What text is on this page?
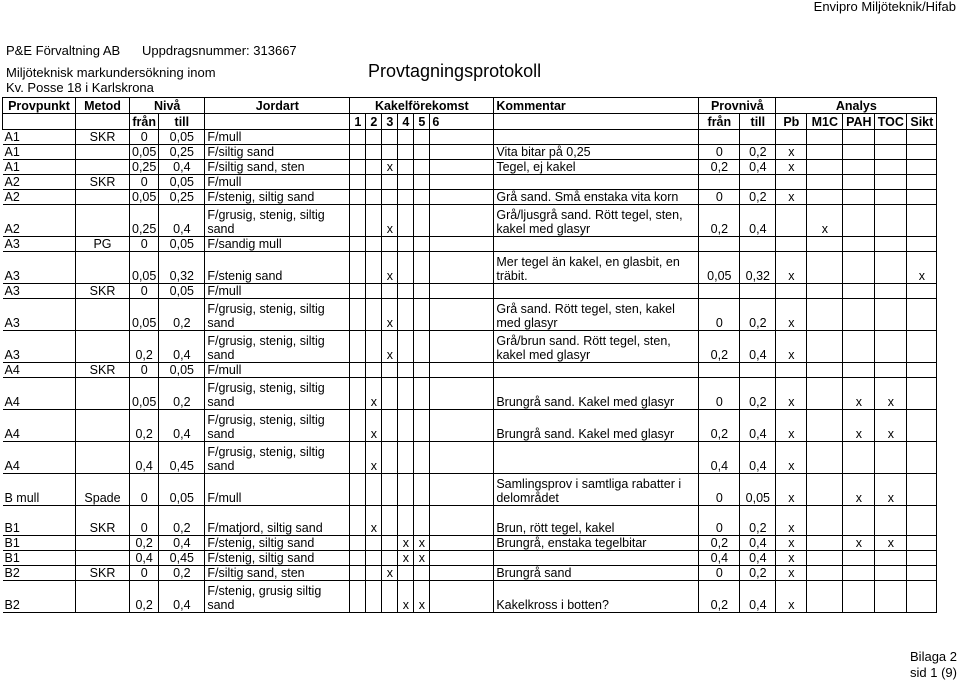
Envipro Miljöteknik/Hifab
P&E Förvaltning AB Uppdragsnummer: 313667
Miljöteknisk markundersökning inom
Kv. Posse 18 i Karlskrona
Provtagningsprotokoll
Provpunkt	Metod	Nivå		Jordart	Kakelförekomst						Kommentar	Provnivå		Analys				
		från	till		1	2	3	4	5	6		från	till	Pb	M1C	PAH	TOC	Sikt
A1	SKR	0	0,05	F/mull														
A1		0,05	0,25	F/siltig sand							Vita bitar på 0,25	0	0,2	x				
A1		0,25	0,4	F/siltig sand, sten			x				Tegel, ej kakel	0,2	0,4	x				
A2	SKR	0	0,05	F/mull														
A2		0,05	0,25	F/stenig, siltig sand							Grå sand. Små enstaka vita korn	0	0,2	x				
A2		0,25	0,4	F/grusig, stenig, siltig sand			x				Grå/ljusgrå sand. Rött tegel, sten, kakel med glasyr	0,2	0,4		x			
A3	PG	0	0,05	F/sandig mull														
A3		0,05	0,32	F/stenig sand			x				Mer tegel än kakel, en glasbit, en träbit.	0,05	0,32	x				x
A3	SKR	0	0,05	F/mull														
A3		0,05	0,2	F/grusig, stenig, siltig sand			x				Grå sand. Rött tegel, sten, kakel med glasyr	0	0,2	x				
A3		0,2	0,4	F/grusig, stenig, siltig sand			x				Grå/brun sand. Rött tegel, sten, kakel med glasyr	0,2	0,4	x				
A4	SKR	0	0,05	F/mull														
A4		0,05	0,2	F/grusig, stenig, siltig sand		x					Brungrå sand. Kakel med glasyr	0	0,2	x		x	x	
A4		0,2	0,4	F/grusig, stenig, siltig sand		x					Brungrå sand. Kakel med glasyr	0,2	0,4	x		x	x	
A4		0,4	0,45	F/grusig, stenig, siltig sand		x						0,4	0,4	x				
B mull	Spade	0	0,05	F/mull							Samlingsprov i samtliga rabatter i delområdet	0	0,05	x		x	x	

B1	SKR	0	0,2	F/matjord, siltig sand		x					Brun, rött tegel, kakel	0	0,2	x				
B1		0,2	0,4	F/stenig, siltig sand				x	x		Brungrå, enstaka tegelbitar	0,2	0,4	x		x	x	
B1		0,4	0,45	F/stenig, siltig sand				x	x			0,4	0,4	x				
B2	SKR	0	0,2	F/siltig sand, sten			x				Brungrå sand	0	0,2	x				
B2		0,2	0,4	F/stenig, grusig siltig sand				x	x		Kakelkross i botten?	0,2	0,4	x				
Bilaga 2
sid 1 (9)
